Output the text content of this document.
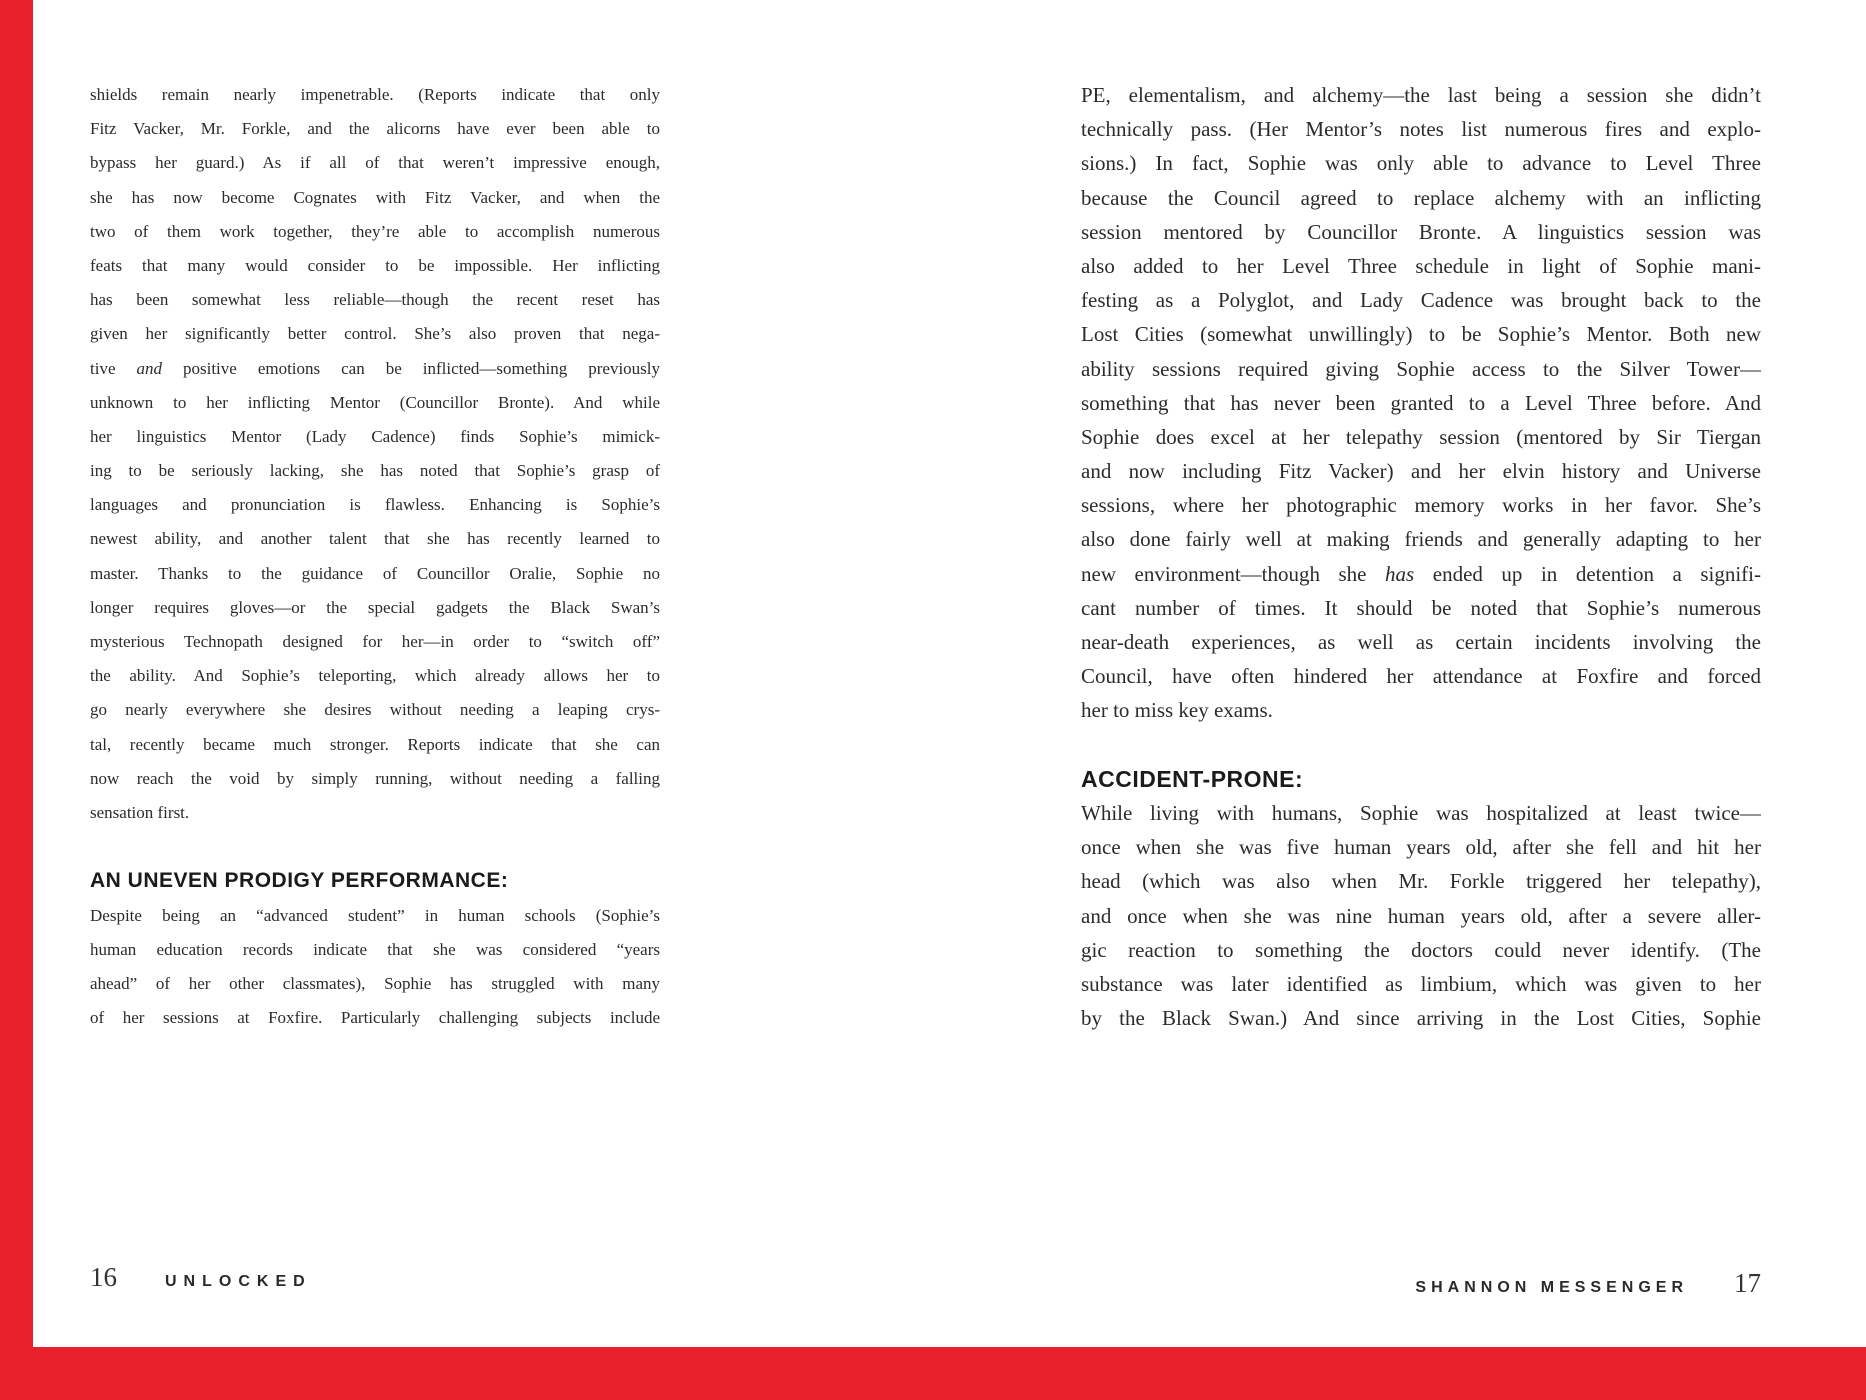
shields remain nearly impenetrable. (Reports indicate that only
Fitz Vacker, Mr. Forkle, and the alicorns have ever been able to
bypass her guard.) As if all of that weren’t impressive enough,
she has now become Cognates with Fitz Vacker, and when the
two of them work together, they’re able to accomplish numerous
feats that many would consider to be impossible. Her inflicting
has been somewhat less reliable—though the recent reset has
given her significantly better control. She’s also proven that nega-
tive and positive emotions can be inflicted—something previously
unknown to her inflicting Mentor (Councillor Bronte). And while
her linguistics Mentor (Lady Cadence) finds Sophie’s mimick-
ing to be seriously lacking, she has noted that Sophie’s grasp of
languages and pronunciation is flawless. Enhancing is Sophie’s
newest ability, and another talent that she has recently learned to
master. Thanks to the guidance of Councillor Oralie, Sophie no
longer requires gloves—or the special gadgets the Black Swan’s
mysterious Technopath designed for her—in order to “switch off”
the ability. And Sophie’s teleporting, which already allows her to
go nearly everywhere she desires without needing a leaping crys-
tal, recently became much stronger. Reports indicate that she can
now reach the void by simply running, without needing a falling
sensation first.
AN UNEVEN PRODIGY PERFORMANCE:
Despite being an “advanced student” in human schools (Sophie’s
human education records indicate that she was considered “years
ahead” of her other classmates), Sophie has struggled with many
of her sessions at Foxfire. Particularly challenging subjects include
16	UNLOCKED
PE, elementalism, and alchemy—the last being a session she didn’t
technically pass. (Her Mentor’s notes list numerous fires and explo-
sions.) In fact, Sophie was only able to advance to Level Three
because the Council agreed to replace alchemy with an inflicting
session mentored by Councillor Bronte. A linguistics session was
also added to her Level Three schedule in light of Sophie mani-
festing as a Polyglot, and Lady Cadence was brought back to the
Lost Cities (somewhat unwillingly) to be Sophie’s Mentor. Both new
ability sessions required giving Sophie access to the Silver Tower—
something that has never been granted to a Level Three before. And
Sophie does excel at her telepathy session (mentored by Sir Tiergan
and now including Fitz Vacker) and her elvin history and Universe
sessions, where her photographic memory works in her favor. She’s
also done fairly well at making friends and generally adapting to her
new environment—though she has ended up in detention a signifi-
cant number of times. It should be noted that Sophie’s numerous
near-death experiences, as well as certain incidents involving the
Council, have often hindered her attendance at Foxfire and forced
her to miss key exams.
ACCIDENT-PRONE:
While living with humans, Sophie was hospitalized at least twice—
once when she was five human years old, after she fell and hit her
head (which was also when Mr. Forkle triggered her telepathy),
and once when she was nine human years old, after a severe aller-
gic reaction to something the doctors could never identify. (The
substance was later identified as limbium, which was given to her
by the Black Swan.) And since arriving in the Lost Cities, Sophie
SHANNON MESSENGER 17
